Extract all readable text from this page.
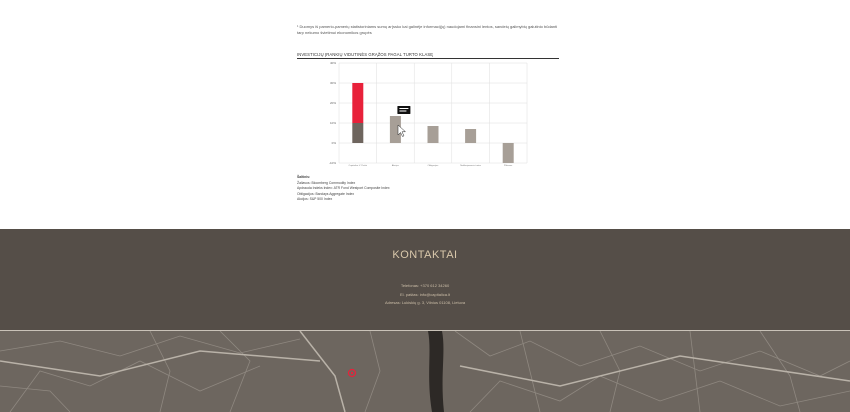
¹ Duomys iš pamerio-pamerių statistoriniams sumų ar(ssko kai galinėje informacij(ų) naudojami finansini lentos, sandeių galimybių galutinio būdanti tarp nekumo švietimui ekonomikos grupės
INVESTICIJŲ ĮRANKIŲ VIDUTINĖS GRĄŽOS PAGAL TURTO KLASĘ
40%
30%
20%
10%
0%
-10%
Capitalica V. Perlai	Akcijos	Obligacijos	Nekilnojamasis turtas	Žaliavos
Šaltinis:
Žaliavos: Bloomberg Commodity Index
Apdrauda Indeks Index: ATR Fond Westport Composite Index
Obligacijos: Barclays Aggregate Index
Akcijos: S&P 500 Index
KONTAKTAI
Telefonas: +370 612 34260
El. paštas: info@capitalica.lt
Adresas: Lukiskių g. 3, Vilnius 01108, Lietuva
